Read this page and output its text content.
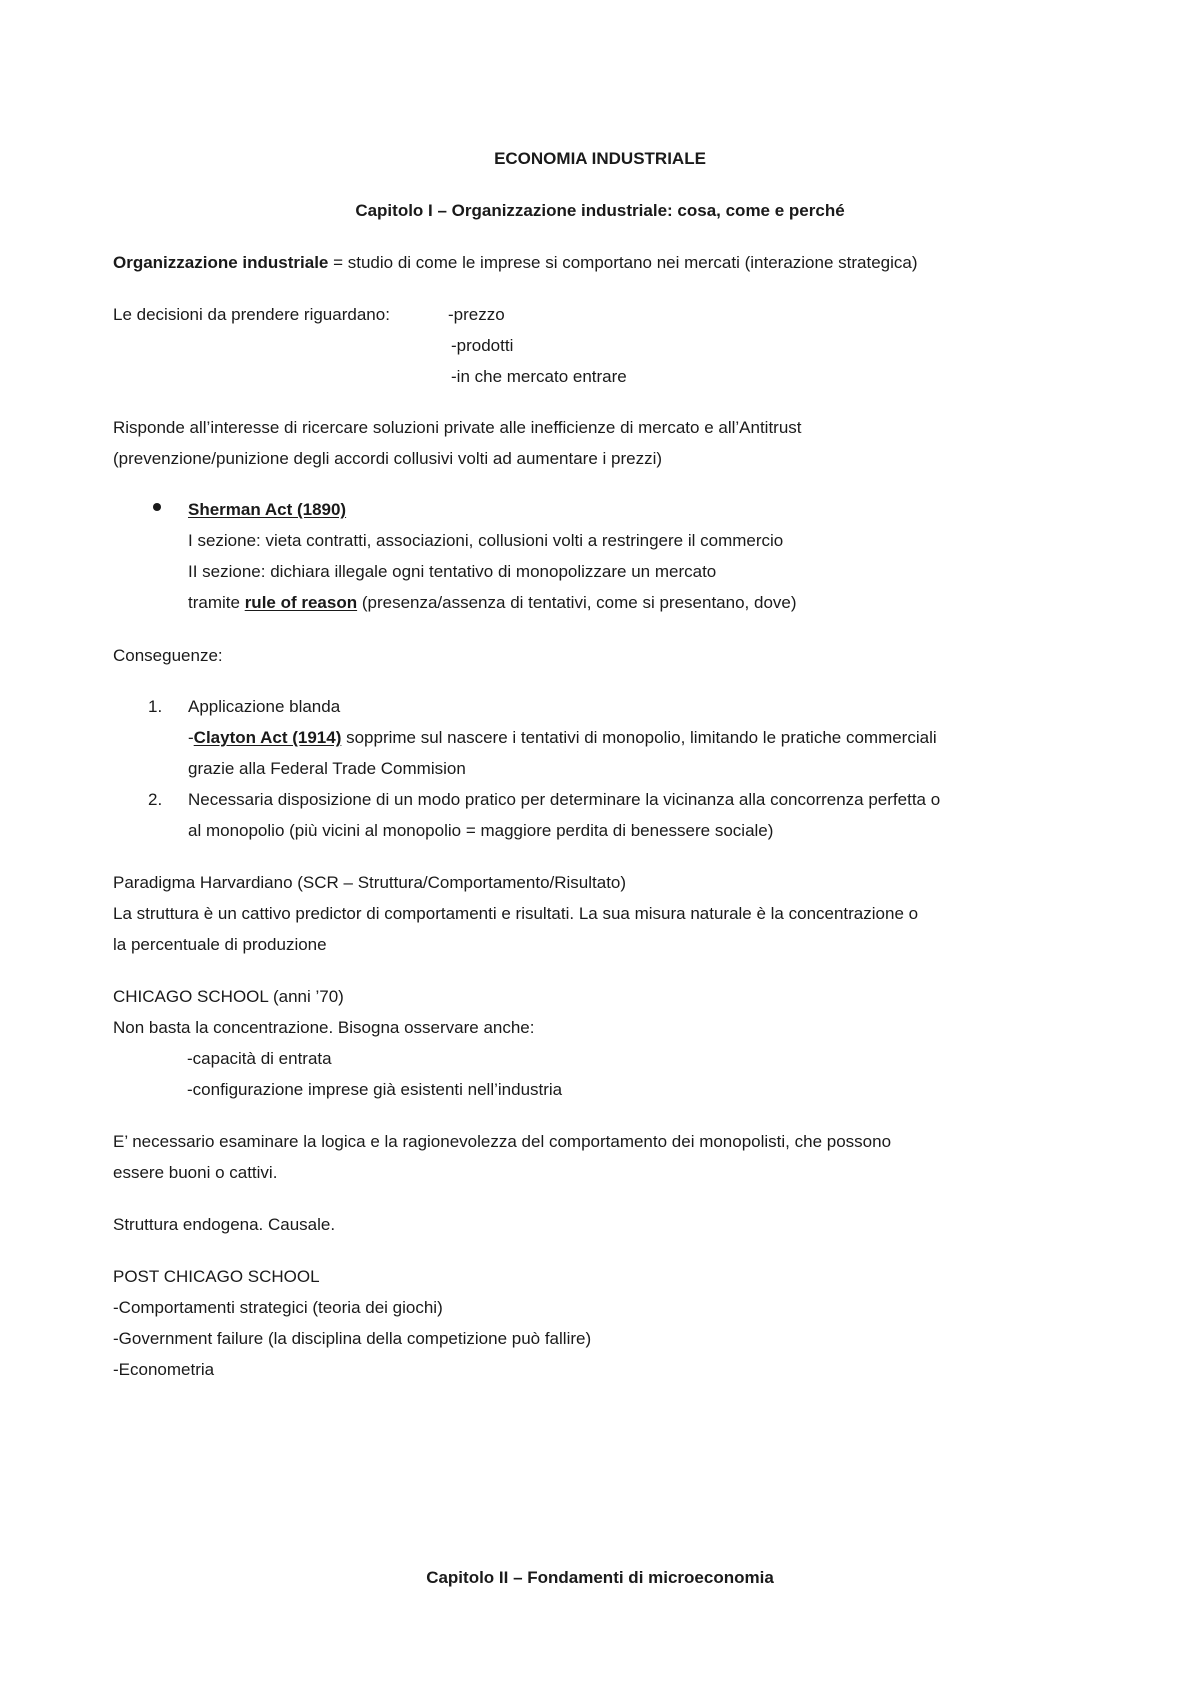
ECONOMIA INDUSTRIALE
Capitolo I – Organizzazione industriale: cosa, come e perché
Organizzazione industriale = studio di come le imprese si comportano nei mercati (interazione strategica)
Le decisioni da prendere riguardano:	-prezzo
-prodotti
-in che mercato entrare
Risponde all’interesse di ricercare soluzioni private alle inefficienze di mercato e all’Antitrust
(prevenzione/punizione degli accordi collusivi volti ad aumentare i prezzi)
Sherman Act (1890)
I sezione: vieta contratti, associazioni, collusioni volti a restringere il commercio
II sezione: dichiara illegale ogni tentativo di monopolizzare un mercato
tramite rule of reason (presenza/assenza di tentativi, come si presentano, dove)
Conseguenze:
1. Applicazione blanda
-Clayton Act (1914) sopprime sul nascere i tentativi di monopolio, limitando le pratiche commerciali
grazie alla Federal Trade Commision
2. Necessaria disposizione di un modo pratico per determinare la vicinanza alla concorrenza perfetta o
al monopolio (più vicini al monopolio = maggiore perdita di benessere sociale)
Paradigma Harvardiano (SCR – Struttura/Comportamento/Risultato)
La struttura è un cattivo predictor di comportamenti e risultati. La sua misura naturale è la concentrazione o
la percentuale di produzione
CHICAGO SCHOOL (anni ’70)
Non basta la concentrazione. Bisogna osservare anche:
-capacità di entrata
-configurazione imprese già esistenti nell’industria
E’ necessario esaminare la logica e la ragionevolezza del comportamento dei monopolisti, che possono
essere buoni o cattivi.
Struttura endogena. Causale.
POST CHICAGO SCHOOL
-Comportamenti strategici (teoria dei giochi)
-Government failure (la disciplina della competizione può fallire)
-Econometria
Capitolo II – Fondamenti di microeconomia
